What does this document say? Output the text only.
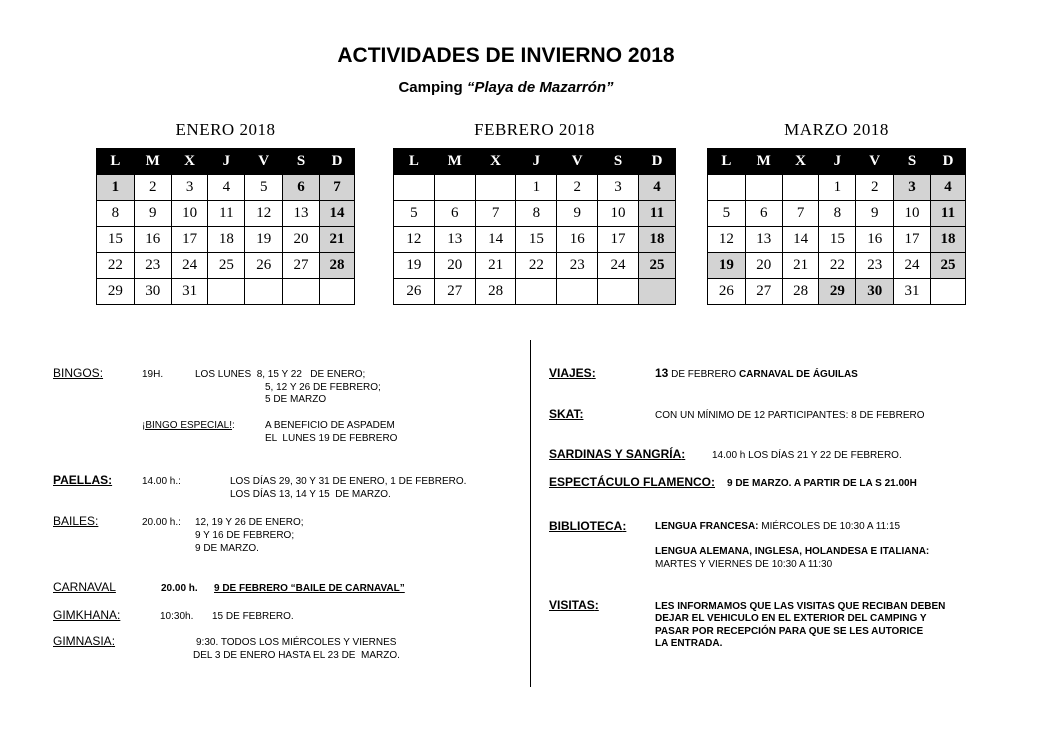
ACTIVIDADES DE INVIERNO 2018
Camping “Playa de Mazarrón”
ENERO 2018
L	M	X	J	V	S	D
1	2	3	4	5	6	7
8	9	10	11	12	13	14
15	16	17	18	19	20	21
22	23	24	25	26	27	28
29	30	31				
FEBRERO 2018
L	M	X	J	V	S	D
			1	2	3	4
5	6	7	8	9	10	11
12	13	14	15	16	17	18
19	20	21	22	23	24	25
26	27	28				
MARZO 2018
L	M	X	J	V	S	D
			1	2	3	4
5	6	7	8	9	10	11
12	13	14	15	16	17	18
19	20	21	22	23	24	25
26	27	28	29	30	31	
BINGOS:	19H.	LOS LUNES  8, 15 Y 22   DE ENERO;
5, 12 Y 26 DE FEBRERO;
5 DE MARZO
¡BINGO ESPECIAL!:	A BENEFICIO DE ASPADEM
EL  LUNES 19 DE FEBRERO
PAELLAS:	14.00 h.:	LOS DÍAS 29, 30 Y 31 DE ENERO, 1 DE FEBRERO.
LOS DÍAS 13, 14 Y 15  DE MARZO.
BAILES:	20.00 h.: 12, 19 Y 26 DE ENERO;
9 Y 16 DE FEBRERO;
9 DE MARZO.
CARNAVAL	20.00 h. 9 DE FEBRERO “BAILE DE CARNAVAL”
GIMKHANA:	10:30h. 15 DE FEBRERO.
GIMNASIA:	9:30. TODOS LOS MIÉRCOLES Y VIERNES
DEL 3 DE ENERO HASTA EL 23 DE  MARZO.
VIAJES:	13 DE FEBRERO CARNAVAL DE ÁGUILAS
SKAT:	CON UN MÍNIMO DE 12 PARTICIPANTES: 8 DE FEBRERO
SARDINAS Y SANGRÍA:	14.00 h LOS DÍAS 21 Y 22 DE FEBRERO.
ESPECTÁCULO FLAMENCO: 9 DE MARZO. A PARTIR DE LA S 21.00H
BIBLIOTECA:	LENGUA FRANCESA: MIÉRCOLES DE 10:30 A 11:15
LENGUA ALEMANA, INGLESA, HOLANDESA E ITALIANA:
MARTES Y VIERNES DE 10:30 A 11:30
VISITAS:	LES INFORMAMOS QUE LAS VISITAS QUE RECIBAN DEBEN
DEJAR EL VEHICULO EN EL EXTERIOR DEL CAMPING Y
PASAR POR RECEPCIÓN PARA QUE SE LES AUTORICE
LA ENTRADA.
